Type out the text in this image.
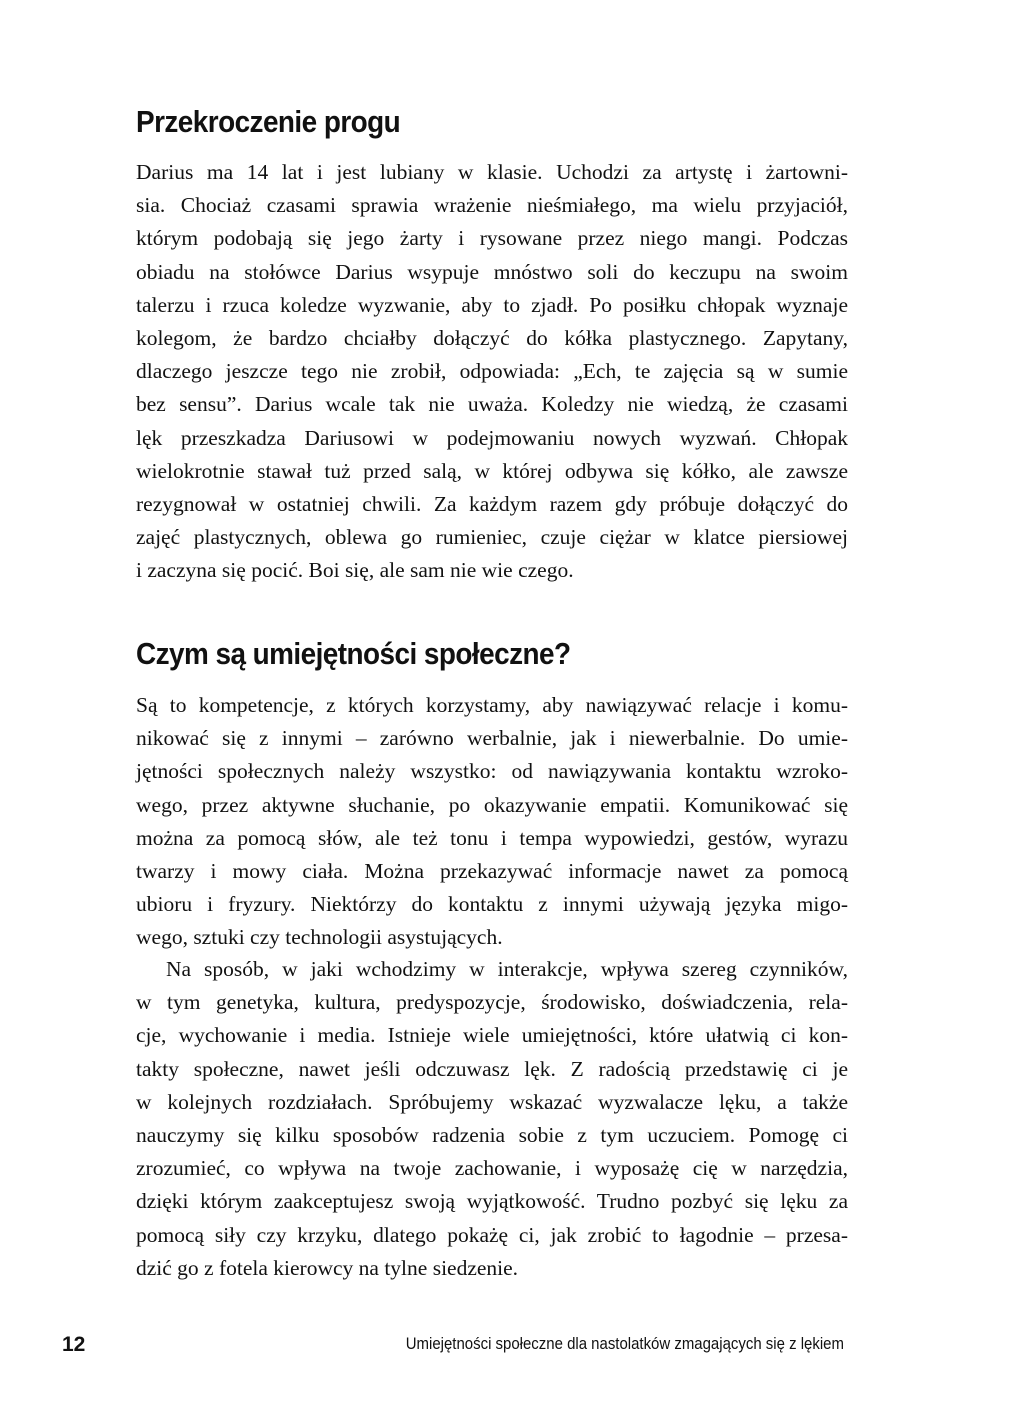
Przekroczenie progu
Darius ma 14 lat i jest lubiany w klasie. Uchodzi za artystę i żartowni-
sia. Chociaż czasami sprawia wrażenie nieśmiałego, ma wielu przyjaciół,
którym podobają się jego żarty i rysowane przez niego mangi. Podczas
obiadu na stołówce Darius wsypuje mnóstwo soli do keczupu na swoim
talerzu i rzuca koledze wyzwanie, aby to zjadł. Po posiłku chłopak wyznaje
kolegom, że bardzo chciałby dołączyć do kółka plastycznego. Zapytany,
dlaczego jeszcze tego nie zrobił, odpowiada: „Ech, te zajęcia są w sumie
bez sensu”. Darius wcale tak nie uważa. Koledzy nie wiedzą, że czasami
lęk przeszkadza Dariusowi w podejmowaniu nowych wyzwań. Chłopak
wielokrotnie stawał tuż przed salą, w której odbywa się kółko, ale zawsze
rezygnował w ostatniej chwili. Za każdym razem gdy próbuje dołączyć do
zajęć plastycznych, oblewa go rumieniec, czuje ciężar w klatce piersiowej
i zaczyna się pocić. Boi się, ale sam nie wie czego.
Czym są umiejętności społeczne?
Są to kompetencje, z których korzystamy, aby nawiązywać relacje i komu-
nikować się z innymi – zarówno werbalnie, jak i niewerbalnie. Do umie-
jętności społecznych należy wszystko: od nawiązywania kontaktu wzroko-
wego, przez aktywne słuchanie, po okazywanie empatii. Komunikować się
można za pomocą słów, ale też tonu i tempa wypowiedzi, gestów, wyrazu
twarzy i mowy ciała. Można przekazywać informacje nawet za pomocą
ubioru i fryzury. Niektórzy do kontaktu z innymi używają języka migo-
wego, sztuki czy technologii asystujących.
Na sposób, w jaki wchodzimy w interakcje, wpływa szereg czynników,
w tym genetyka, kultura, predyspozycje, środowisko, doświadczenia, rela-
cje, wychowanie i media. Istnieje wiele umiejętności, które ułatwią ci kon-
takty społeczne, nawet jeśli odczuwasz lęk. Z radością przedstawię ci je
w kolejnych rozdziałach. Spróbujemy wskazać wyzwalacze lęku, a także
nauczymy się kilku sposobów radzenia sobie z tym uczuciem. Pomogę ci
zrozumieć, co wpływa na twoje zachowanie, i wyposażę cię w narzędzia,
dzięki którym zaakceptujesz swoją wyjątkowość. Trudno pozbyć się lęku za
pomocą siły czy krzyku, dlatego pokażę ci, jak zrobić to łagodnie – przesa-
dzić go z fotela kierowcy na tylne siedzenie.
12	Umiejętności społeczne dla nastolatków zmagających się z lękiem
